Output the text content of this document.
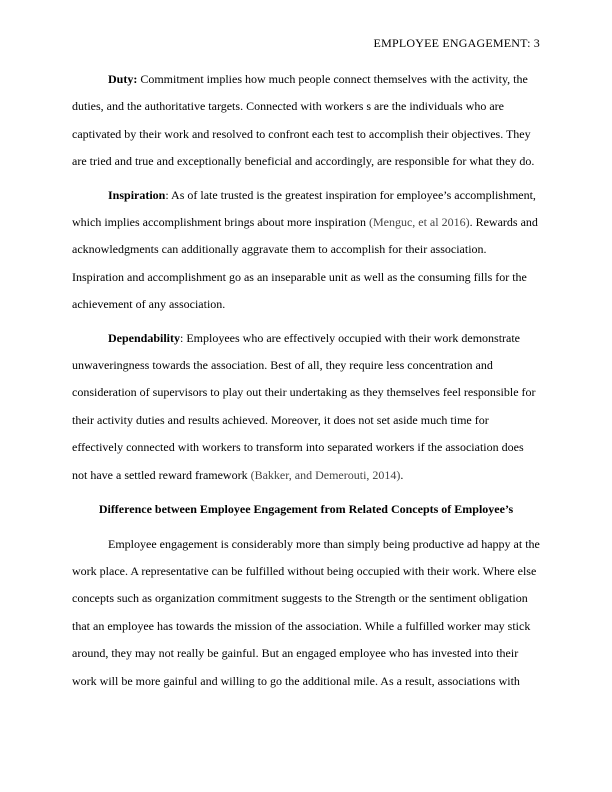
EMPLOYEE ENGAGEMENT: 3

Duty: Commitment implies how much people connect themselves with the activity, the duties, and the authoritative targets. Connected with workers s are the individuals who are captivated by their work and resolved to confront each test to accomplish their objectives. They are tried and true and exceptionally beneficial and accordingly, are responsible for what they do.

Inspiration: As of late trusted is the greatest inspiration for employee’s accomplishment, which implies accomplishment brings about more inspiration (Menguc, et al 2016). Rewards and acknowledgments can additionally aggravate them to accomplish for their association. Inspiration and accomplishment go as an inseparable unit as well as the consuming fills for the achievement of any association.

Dependability: Employees who are effectively occupied with their work demonstrate unwaveringness towards the association. Best of all, they require less concentration and consideration of supervisors to play out their undertaking as they themselves feel responsible for their activity duties and results achieved. Moreover, it does not set aside much time for effectively connected with workers to transform into separated workers if the association does not have a settled reward framework (Bakker, and Demerouti, 2014).

Difference between Employee Engagement from Related Concepts of Employee’s

Employee engagement is considerably more than simply being productive ad happy at the work place. A representative can be fulfilled without being occupied with their work. Where else concepts such as organization commitment suggests to the Strength or the sentiment obligation that an employee has towards the mission of the association. While a fulfilled worker may stick around, they may not really be gainful. But an engaged employee who has invested into their work will be more gainful and willing to go the additional mile. As a result, associations with
